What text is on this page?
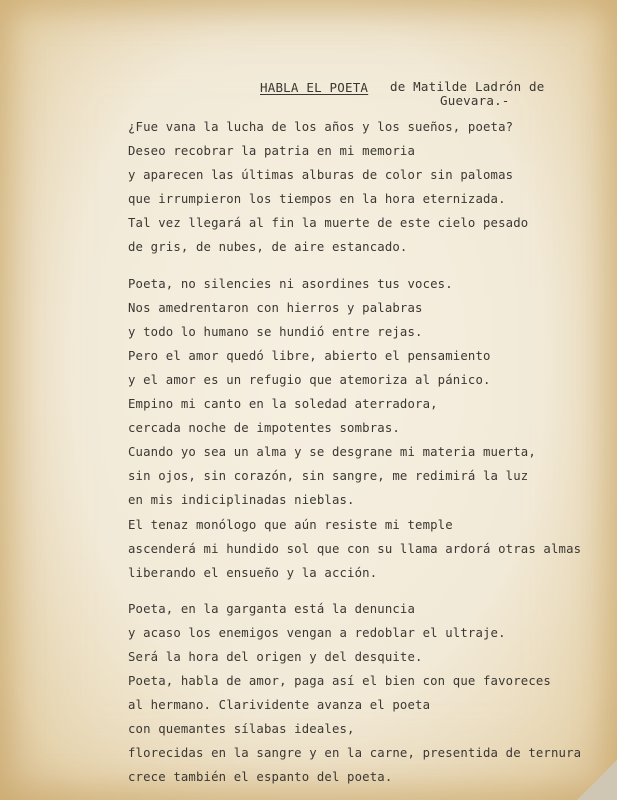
HABLA EL POETA de Matilde Ladrón de
Guevara.-
¿Fue vana la lucha de los años y los sueños, poeta?
Deseo recobrar la patria en mi memoria
y aparecen las últimas alburas de color sin palomas
que irrumpieron los tiempos en la hora eternizada.
Tal vez llegará al fin la muerte de este cielo pesado
de gris, de nubes, de aire estancado.
Poeta, no silencies ni asordines tus voces.
Nos amedrentaron con hierros y palabras
y todo lo humano se hundió entre rejas.
Pero el amor quedó libre, abierto el pensamiento
y el amor es un refugio que atemoriza al pánico.
Empino mi canto en la soledad aterradora,
cercada noche de impotentes sombras.
Cuando yo sea un alma y se desgrane mi materia muerta,
sin ojos, sin corazón, sin sangre, me redimirá la luz
en mis indiciplinadas nieblas.
El tenaz monólogo que aún resiste mi temple
ascenderá mi hundido sol que con su llama ardorá otras almas
liberando el ensueño y la acción.
Poeta, en la garganta está la denuncia
y acaso los enemigos vengan a redoblar el ultraje.
Será la hora del origen y del desquite.
Poeta, habla de amor, paga así el bien con que favoreces
al hermano. Clarividente avanza el poeta
con quemantes sílabas ideales,
florecidas en la sangre y en la carne, presentida de ternura
crece también el espanto del poeta.
